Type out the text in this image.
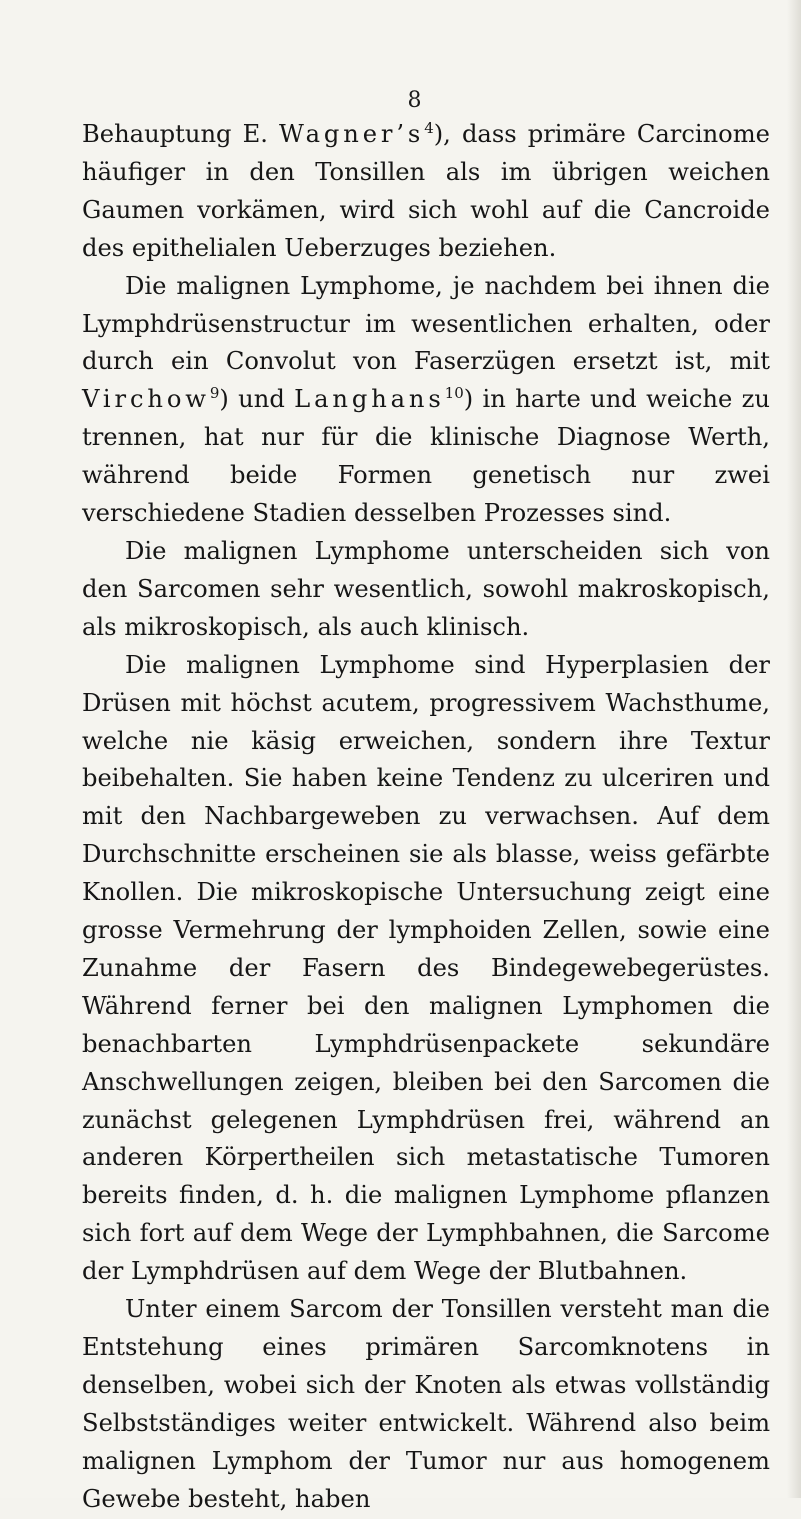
8

Behauptung E. $Wagner’s^4$), dass primäre Carcinome häufiger in den Tonsillen als im übrigen weichen Gaumen vorkämen, wird sich wohl auf die Cancroide des epithelialen Ueberzuges beziehen.

Die malignen Lymphome, je nachdem bei ihnen die Lymphdrüsenstructur im wesentlichen erhalten, oder durch ein Convolut von Faserzügen ersetzt ist, mit Virchow$^9$) und Langhans$^{10}$) in harte und weiche zu trennen, hat nur für die klinische Diagnose Werth, während beide Formen genetisch nur zwei verschiedene Stadien desselben Prozesses sind.

Die malignen Lymphome unterscheiden sich von den Sarcomen sehr wesentlich, sowohl makroskopisch, als mikroskopisch, als auch klinisch.

Die malignen Lymphome sind Hyperplasien der Drüsen mit höchst acutem, progressivem Wachsthume, welche nie käsig erweichen, sondern ihre Textur beibehalten. Sie haben keine Tendenz zu ulceriren und mit den Nachbargeweben zu verwachsen. Auf dem Durchschnitte erscheinen sie als blasse, weiss gefärbte Knollen. Die mikroskopische Untersuchung zeigt eine grosse Vermehrung der lymphoiden Zellen, sowie eine Zunahme der Fasern des Bindegewebegerüstes. Während ferner bei den malignen Lymphomen die benachbarten Lymphdrüsenpackete sekundäre Anschwellungen zeigen, bleiben bei den Sarcomen die zunächst gelegenen Lymphdrüsen frei, während an anderen Körpertheilen sich metastatische Tumoren bereits finden, d. h. die malignen Lymphome pflanzen sich fort auf dem Wege der Lymphbahnen, die Sarcome der Lymphdrüsen auf dem Wege der Blutbahnen.

Unter einem Sarcom der Tonsillen versteht man die Entstehung eines primären Sarcomknotens in denselben, wobei sich der Knoten als etwas vollständig Selbstständiges weiter entwickelt. Während also beim malignen Lymphom der Tumor nur aus homogenem Gewebe besteht, haben
